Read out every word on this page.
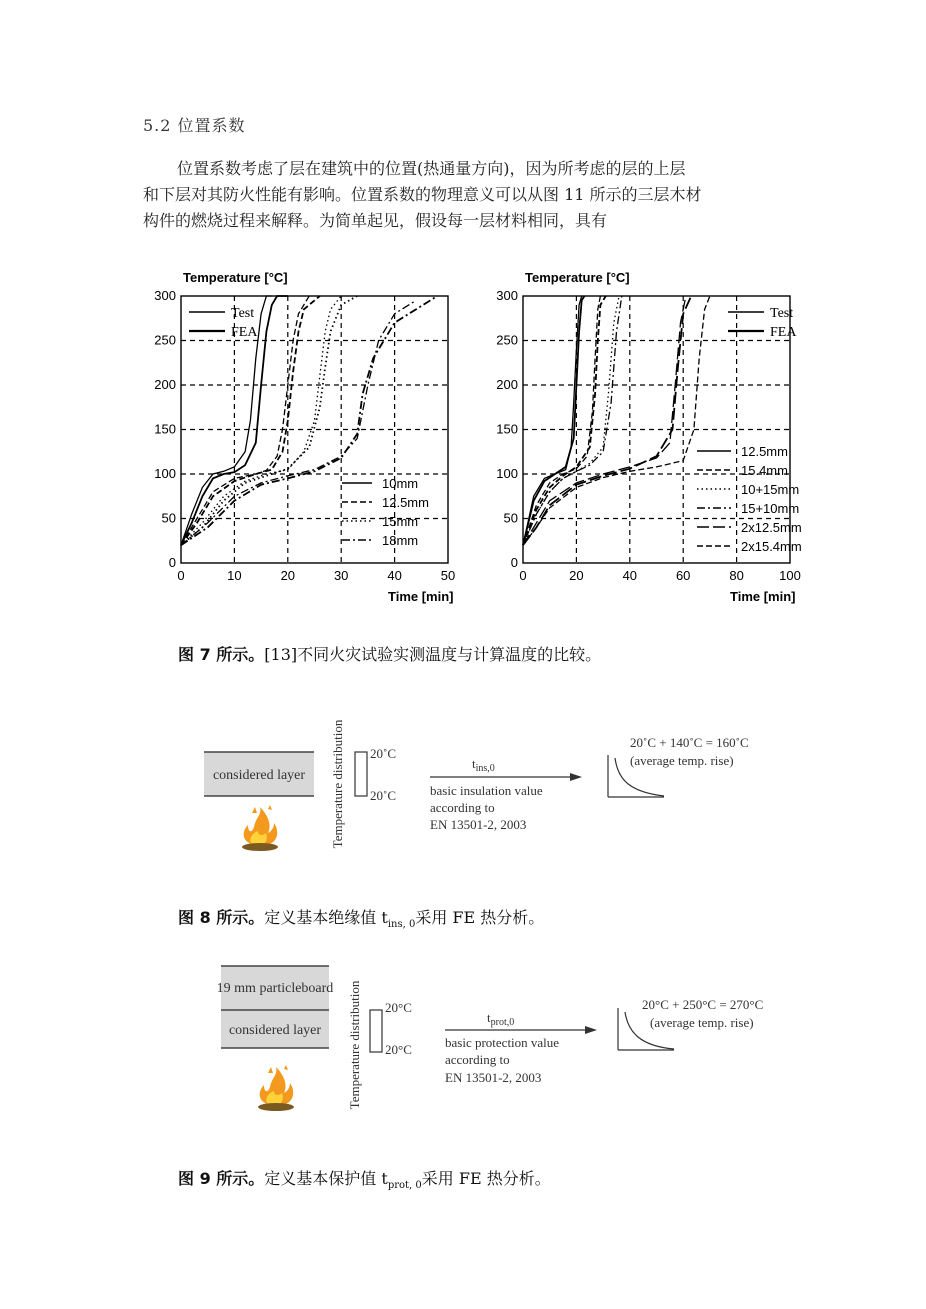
5.2 位置系数
位置系数考虑了层在建筑中的位置(热通量方向)，因为所考虑的层的上层
和下层对其防火性能有影响。位置系数的物理意义可以从图 11 所示的三层木材
构件的燃烧过程来解释。为简单起见，假设每一层材料相同，具有
0	10	20	30	40	50
0
50
100
150
200
250
300
Temperature [°C]
Time [min]
Test
FEA
10mm
12.5mm
15mm
18mm
0	20	40	60	80	100
0
50
100
150
200
250
300
Temperature [°C]
Time [min]
Test
FEA
12.5mm
15.4mm
10+15mm
15+10mm
2x12.5mm
2x15.4mm
图 7 所示。[13]不同火灾试验实测温度与计算温度的比较。
considered layer Temperature distribution 20˚C
20˚C
$t_{ins,0}$
basic insulation value
according to
EN 13501-2, 2003
20˚C + 140˚C = 160˚C
(average temp. rise)
图 8 所示。定义基本绝缘值 $t_{ins, 0}$采用 FE 热分析。
19 mm particleboard
considered layer Temperature distribution 20°C
20°C
$t_{prot,0}$
basic protection value
according to
EN 13501-2, 2003
20°C + 250°C = 270°C
(average temp. rise)
图 9 所示。定义基本保护值 $t_{prot, 0}$采用 FE 热分析。
